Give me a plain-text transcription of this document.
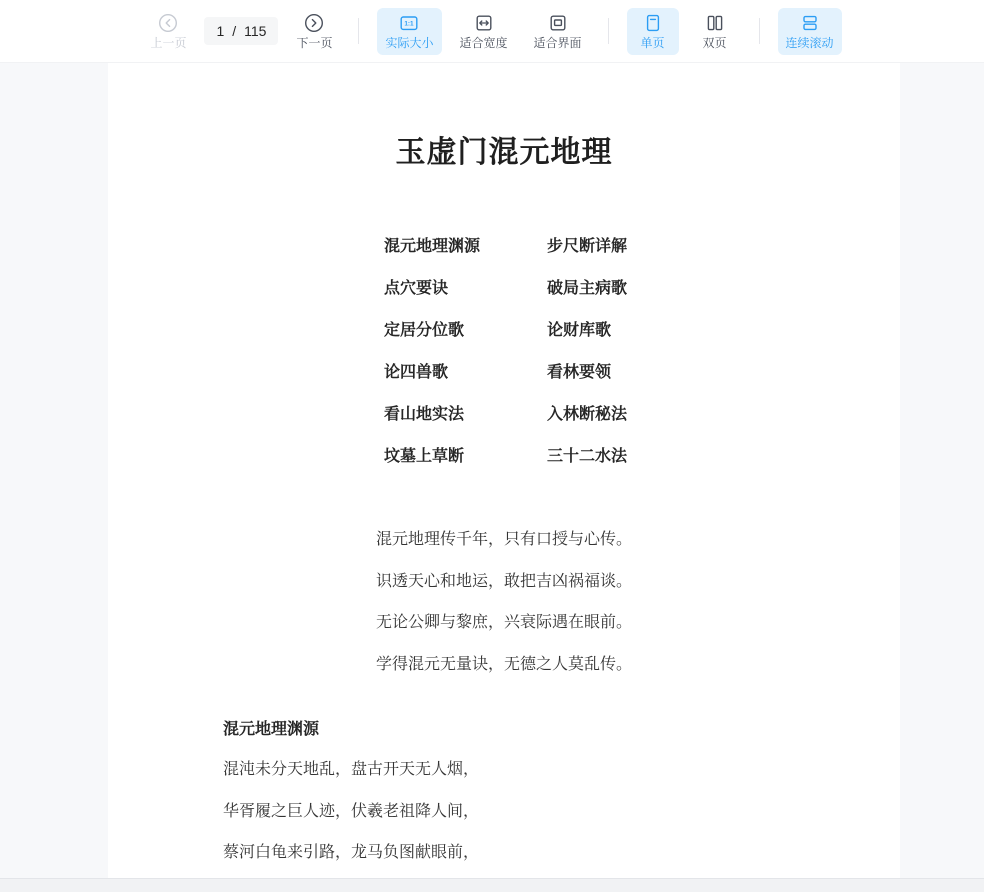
上一页
1 / 115
下一页
1:1
实际大小 适合宽度 适合界面	单页	双页	连续滚动
玉虚门混元地理
混元地理渊源	步尺断详解
点穴要诀	破局主病歌
定居分位歌	论财库歌
论四兽歌	看林要领
看山地实法	入林断秘法
坟墓上草断	三十二水法
混元地理传千年，只有口授与心传。
识透天心和地运，敢把吉凶祸福谈。
无论公卿与黎庶，兴衰际遇在眼前。
学得混元无量诀，无德之人莫乱传。
混元地理渊源
混沌未分天地乱，盘古开天无人烟，
华胥履之巨人迹，伏羲老祖降人间，
蔡河白龟来引路，龙马负图献眼前，
